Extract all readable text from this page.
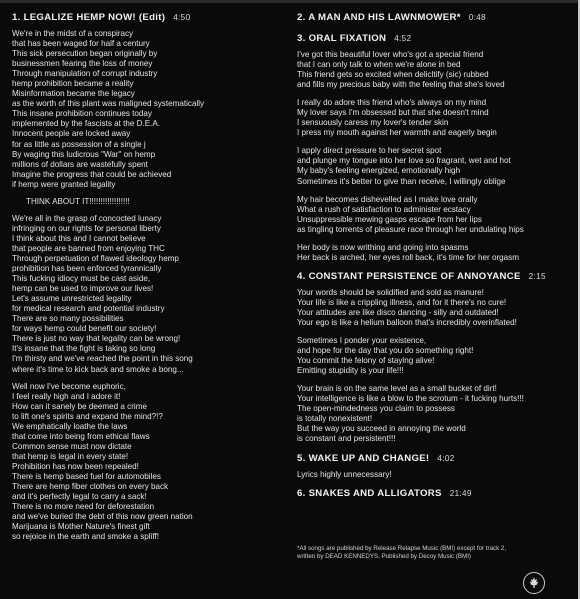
1. LEGALIZE HEMP NOW! (Edit) 4:50
We're in the midst of a conspiracy
that has been waged for half a century
This sick persecution began originally by
businessmen fearing the loss of money
Through manipulation of corrupt industry
hemp prohibition became a reality
Misinformation became the legacy
as the worth of this plant was maligned systematically
This insane prohibition continues today
implemented by the fascists at the D.E.A.
Innocent people are locked away
for as little as possession of a single j
By waging this ludicrous "War" on hemp
millions of dollars are wastefully spent
Imagine the progress that could be achieved
if hemp were granted legality
THINK ABOUT IT!!!!!!!!!!!!!!!!!!
We're all in the grasp of concocted lunacy
infringing on our rights for personal liberty
I think about this and I cannot believe
that people are banned from enjoying THC
Through perpetuation of flawed ideology hemp
prohibition has been enforced tyrannically
This fucking idiocy must be cast aside,
hemp can be used to improve our lives!
Let's assume unrestricted legality
for medical research and potential industry
There are so many possibilities
for ways hemp could benefit our society!
There is just no way that legality can be wrong!
It's insane that the fight is taking so long
I'm thirsty and we've reached the point in this song
where it's time to kick back and smoke a bong...
Well now I've become euphoric,
I feel really high and I adore it!
How can it sanely be deemed a crime
to lift one's spirits and expand the mind?!?
We emphatically loathe the laws
that come into being from ethical flaws
Common sense must now dictate
that hemp is legal in every state!
Prohibition has now been repealed!
There is hemp based fuel for automobiles
There are hemp fiber clothes on every back
and it's perfectly legal to carry a sack!
There is no more need for deforestation
and we've buried the debt of this now green nation
Marijuana is Mother Nature's finest gift
so rejoice in the earth and smoke a spliff!
2. A MAN AND HIS LAWNMOWER* 0:48
3. ORAL FIXATION 4:52
I've got this beautiful lover who's got a special friend
that I can only talk to when we're alone in bed
This friend gets so excited when delicltify (sic) rubbed
and fills my precious baby with the feeling that she's loved
I really do adore this friend who's always on my mind
My lover says I'm obsessed but that she doesn't mind
I sensuously caress my lover's tender skin
I press my mouth against her warmth and eagerly begin
I apply direct pressure to her secret spot
and plunge my tongue into her love so fragrant, wet and hot
My baby's feeling energized, emotionally high
Sometimes it's better to give than receive, I willingly oblige
My hair becomes dishevelled as I make love orally
What a rush of satisfaction to administer ecstacy
Unsuppressible mewing gasps escape from her lips
as tingling torrents of pleasure race through her undulating hips
Her body is now writhing and going into spasms
Her back is arched, her eyes roll back, it's time for her orgasm
4. CONSTANT PERSISTENCE OF ANNOYANCE 2:15
Your words should be solidified and sold as manure!
Your life is like a crippling illness, and for it there's no cure!
Your attitudes are like disco dancing - silly and outdated!
Your ego is like a helium balloon that's incredibly overinflated!
Sometimes I ponder your existence,
and hope for the day that you do something right!
You commit the felony of staying alive!
Emitting stupidity is your life!!!
Your brain is on the same level as a small bucket of dirt!
Your intelligence is like a blow to the scrotum - it fucking hurts!!!
The open-mindedness you claim to possess
is totally nonexistent!
But the way you succeed in annoying the world
is constant and persistent!!!
5. WAKE UP AND CHANGE! 4:02
Lyrics highly unnecessary!
6. SNAKES AND ALLIGATORS 21:49
*All songs are published by Release Relapse Music (BMI) except for track 2,
written by DEAD KENNEDYS, Published by Decoy Music (BMI)
